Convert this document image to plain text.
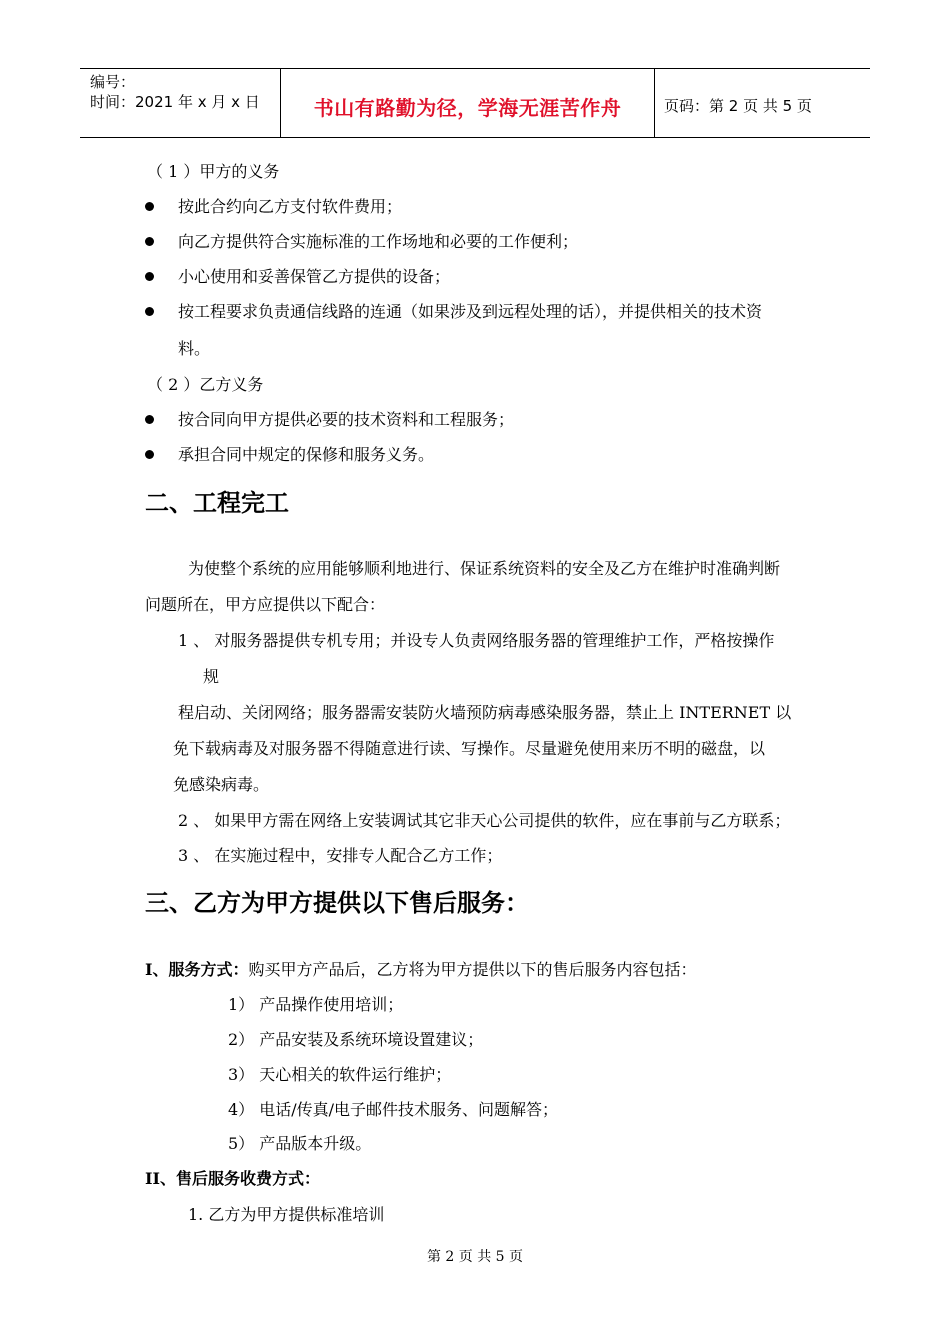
编号：
时间：2021 年 x 月 x 日	书山有路勤为径，学海无涯苦作舟	页码：第 2 页 共 5 页
（ 1 ）甲方的义务
按此合约向乙方支付软件费用；
向乙方提供符合实施标准的工作场地和必要的工作便利；
小心使用和妥善保管乙方提供的设备；
按工程要求负责通信线路的连通（如果涉及到远程处理的话），并提供相关的技术资
料。
（ 2 ）乙方义务
按合同向甲方提供必要的技术资料和工程服务；
承担合同中规定的保修和服务义务。
二、工程完工
为使整个系统的应用能够顺利地进行、保证系统资料的安全及乙方在维护时准确判断
问题所在，甲方应提供以下配合：
1 、 对服务器提供专机专用；并设专人负责网络服务器的管理维护工作，严格按操作
规
程启动、关闭网络；服务器需安装防火墙预防病毒感染服务器，禁止上 INTERNET 以
免下载病毒及对服务器不得随意进行读、写操作。尽量避免使用来历不明的磁盘，以
免感染病毒。
2 、 如果甲方需在网络上安装调试其它非天心公司提供的软件，应在事前与乙方联系；
3 、 在实施过程中，安排专人配合乙方工作；
三、乙方为甲方提供以下售后服务：
I、服务方式：购买甲方产品后，乙方将为甲方提供以下的售后服务内容包括：
1） 产品操作使用培训；
2） 产品安装及系统环境设置建议；
3） 天心相关的软件运行维护；
4） 电话/传真/电子邮件技术服务、问题解答；
5） 产品版本升级。
II、售后服务收费方式：
1. 乙方为甲方提供标准培训
第 2 页 共 5 页
